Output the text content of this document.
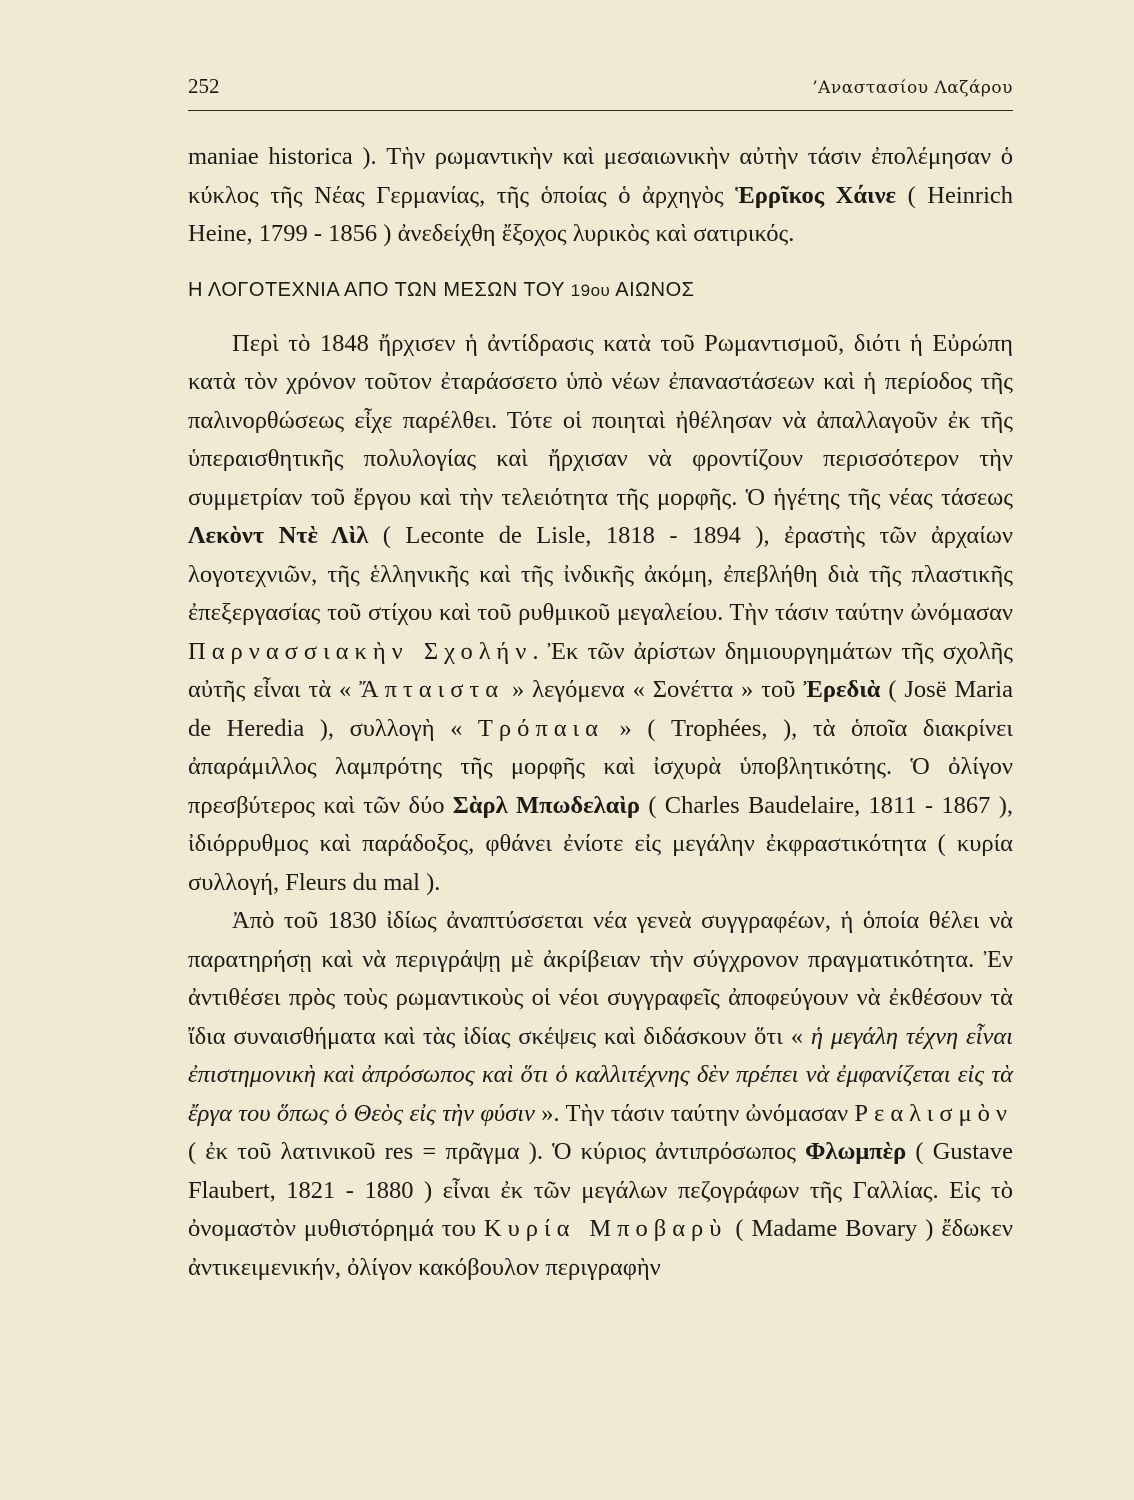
252	’Αναστασίου Λαζάρου

maniae historica ). Τὴν ρωμαντικὴν καὶ μεσαιωνικὴν αὐτὴν τάσιν ἐπολέμησαν ὁ κύκλος τῆς Νέας Γερμανίας, τῆς ὁποίας ὁ ἀρχηγὸς Ἑρρῖκος Χάινε ( Heinrich Heine, 1799 - 1856 ) ἀνεδείχθη ἔξοχος λυρικὸς καὶ σατιρικός.

Η ΛΟΓΟΤΕΧΝΙΑ ΑΠΟ ΤΩΝ ΜΕΣΩΝ ΤΟΥ 19ου ΑΙΩΝΟΣ

Περὶ τὸ 1848 ἤρχισεν ἡ ἀντίδρασις κατὰ τοῦ Ρωμαντισμοῦ, διότι ἡ Εὐρώπη κατὰ τὸν χρόνον τοῦτον ἐταράσσετο ὑπὸ νέων ἐπαναστάσεων καὶ ἡ περίοδος τῆς παλινορθώσεως εἶχε παρέλθει. Τότε οἱ ποιηταὶ ἠθέλησαν νὰ ἀπαλλαγοῦν ἐκ τῆς ὑπεραισθητικῆς πολυλογίας καὶ ἤρχισαν νὰ φροντίζουν περισσότερον τὴν συμμετρίαν τοῦ ἔργου καὶ τὴν τελειότητα τῆς μορφῆς. Ὁ ἡγέτης τῆς νέας τάσεως Λεκὸντ Ντὲ Λὶλ ( Leconte de Lisle, 1818 - 1894 ), ἐραστὴς τῶν ἀρχαίων λογοτεχνιῶν, τῆς ἑλληνικῆς καὶ τῆς ἰνδικῆς ἀκόμη, ἐπεβλήθη διὰ τῆς πλαστικῆς ἐπεξεργασίας τοῦ στίχου καὶ τοῦ ρυθμικοῦ μεγαλείου. Τὴν τάσιν ταύτην ὠνόμασαν Παρνασσιακὴν Σχολήν. Ἐκ τῶν ἀρίστων δημιουργημάτων τῆς σχολῆς αὐτῆς εἶναι τὰ « Ἄπταιστα » λεγόμενα « Σονέττα » τοῦ Ἐρεδιὰ ( Josë Maria de Heredia ), συλλογὴ « Τρόπαια » ( Trophées, ), τὰ ὁποῖα διακρίνει ἀπαράμιλλος λαμπρότης τῆς μορφῆς καὶ ἰσχυρὰ ὑποβλητικότης. Ὁ ὀλίγον πρεσβύτερος καὶ τῶν δύο Σὰρλ Μπωδελαὶρ ( Charles Baudelaire, 1811 - 1867 ), ἰδιόρρυθμος καὶ παράδοξος, φθάνει ἐνίοτε εἰς μεγάλην ἐκφραστικότητα ( κυρία συλλογή, Fleurs du mal ).

Ἀπὸ τοῦ 1830 ἰδίως ἀναπτύσσεται νέα γενεὰ συγγραφέων, ἡ ὁποία θέλει νὰ παρατηρήσῃ καὶ νὰ περιγράψῃ μὲ ἀκρίβειαν τὴν σύγχρονον πραγματικότητα. Ἐν ἀντιθέσει πρὸς τοὺς ρωμαντικοὺς οἱ νέοι συγγραφεῖς ἀποφεύγουν νὰ ἐκθέσουν τὰ ἴδια συναισθήματα καὶ τὰς ἰδίας σκέψεις καὶ διδάσκουν ὅτι « ἡ μεγάλη τέχνη εἶναι ἐπιστημονικὴ καὶ ἀπρόσωπος καὶ ὅτι ὁ καλλιτέχνης δὲν πρέπει νὰ ἐμφανίζεται εἰς τὰ ἔργα του ὅπως ὁ Θεὸς εἰς τὴν φύσιν ». Τὴν τάσιν ταύτην ὠνόμασαν Ρεαλισμὸν ( ἐκ τοῦ λατινικοῦ res = πρᾶγμα ). Ὁ κύριος ἀντιπρόσωπος Φλωμπὲρ ( Gustave Flaubert, 1821 - 1880 ) εἶναι ἐκ τῶν μεγάλων πεζογράφων τῆς Γαλλίας. Εἰς τὸ ὀνομαστὸν μυθιστόρημά του Κυρία Μποβαρὺ ( Madame Bovary ) ἔδωκεν ἀντικειμενικήν, ὀλίγον κακόβουλον περιγραφὴν
